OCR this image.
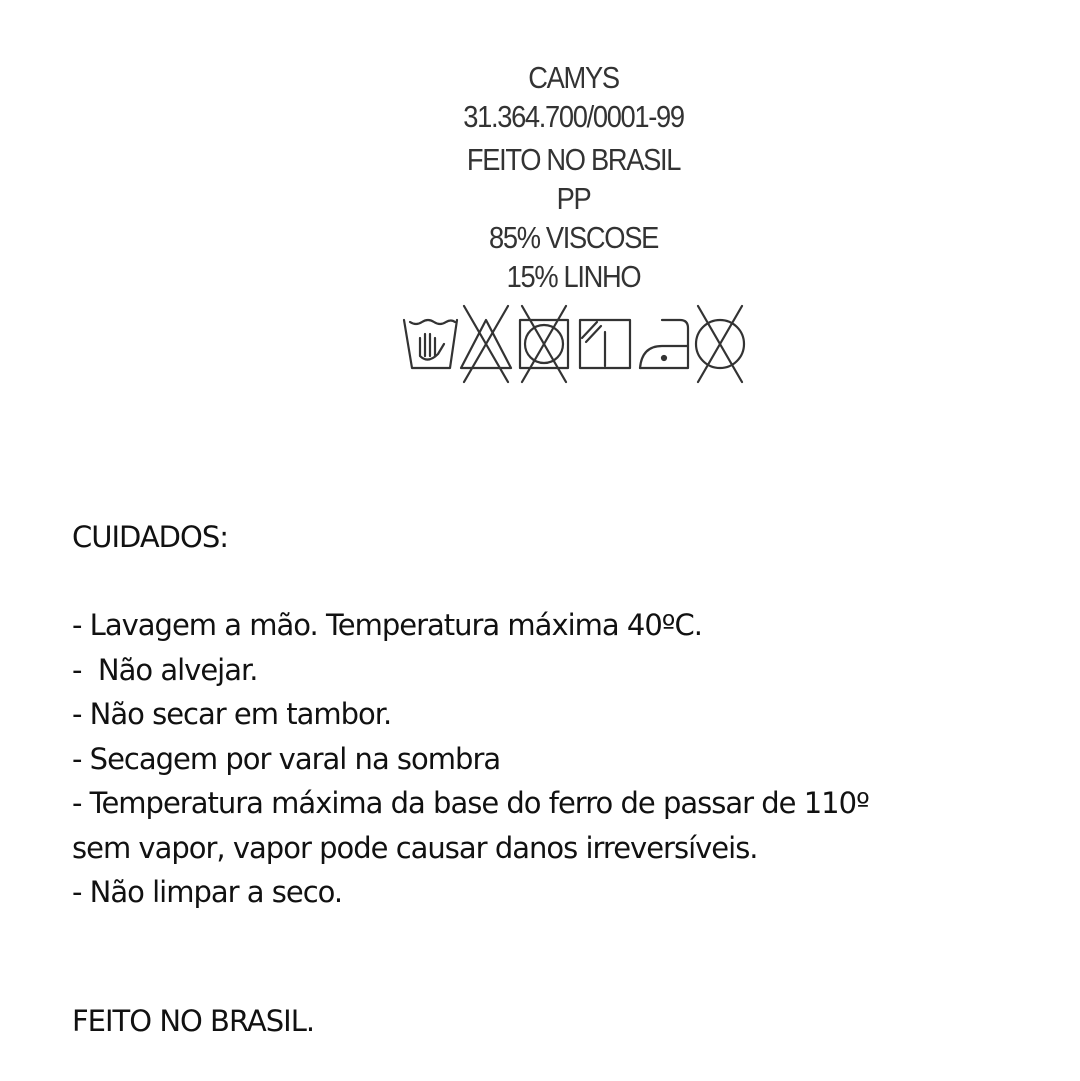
CAMYS
31.364.700/0001-99
FEITO NO BRASIL
PP
85% VISCOSE
15% LINHO
CUIDADOS:
- Lavagem a mão. Temperatura máxima 40ºC.
-  Não alvejar.
- Não secar em tambor.
- Secagem por varal na sombra
- Temperatura máxima da base do ferro de passar de 110º
sem vapor, vapor pode causar danos irreversíveis.
- Não limpar a seco.
FEITO NO BRASIL.
